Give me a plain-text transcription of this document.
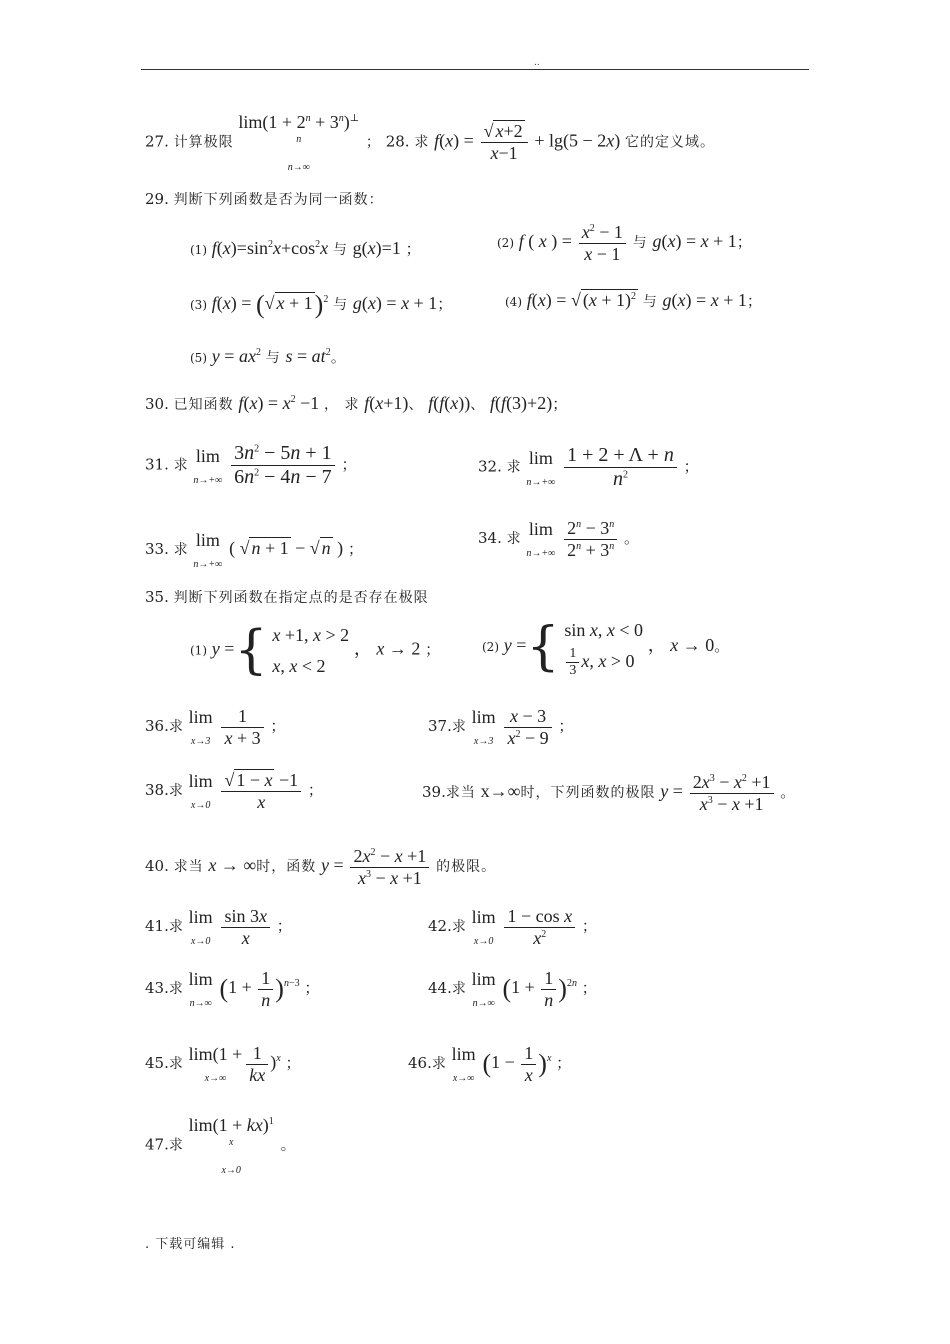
..
27. 计算极限
$\lim(1 + 2^n + 3^n)^{\perp n}$
n→∞
； 28. 求 $f(x) = \frac{√ x+2}{x-1} + \lg(5 - 2x)$ 它的定义域。
29. 判断下列函数是否为同一函数：
(1) $f(x)=\sin^2x+\cos^2x$ 与 g(x)=1 ；	(2) f ( x ) = $\frac{x^2 - 1}{x - 1}$ 与 g(x) = x + 1；
(3) f(x) = (√ x + 1)$^2$ 与 g(x) = x + 1；	(4) f(x) = √ $(x + 1)^2$ 与 g(x) = x + 1；
(5) $y = ax^2$ 与 $s = at^2$。
30. 已知函数 $f(x) = x^2 -1$ ， 求 f(x+1)、 f(f(x))、 f(f(3)+2)；
31. 求 lim
n→+∞
$\frac{3n^2 - 5n + 1}{6n^2 - 4n - 7}$ ；	32. 求 lim
n→+∞
$\frac{1 + 2 + \Lambda + n}{n^2}$ ；
33. 求 lim
n→+∞
( √ n + 1 − √ n ) ；
34. 求 lim
n→+∞
$\frac{2^n - 3^n}{2^n + 3^n}$ 。
35. 判断下列函数在指定点的是否存在极限
(1) y ={ x +1, x > 2
x, x < 2
， x → 2 ；	(2) y ={ sin x, x < 0
$\frac{1}{3} x$, x > 0
， x → 0。
36.求 lim
x→3
$\frac{1}{x + 3}$ ；	37.求 lim
x→3
$\frac{x - 3}{x^2 - 9}$ ；
38.求 lim
x→0
$\frac{√ 1 - x -1}{x}$ ；	39.求当 x→∞时，下列函数的极限 $y = \frac{2x^3 - x^2 +1}{x^3 - x +1}$ 。
40. 求当 x → ∞时，函数 $y = \frac{2x^2 - x +1}{x^3 - x +1}$ 的极限。
41.求 lim
x→0
$\frac{\sin 3x}{x}$ ；	42.求 lim
x→0
$\frac{\text{1 − cos x}}{x^2}$ ；
43.求 lim
n→∞
$(1 + \frac{1}{n} )^{n-3}$ ；	44.求 lim
n→∞
$(1 + \frac{1}{n} )^{2n}$ ；
45.求 lim(1 +
x→∞	$\frac{1}{kx} )^x$ ；	46.求 lim
x→∞
$(1 - \frac{1}{x} )^x$ ；
47.求
lim(1 + kx)$^{1 x}$
x→0
。
. 下载可编辑 .
